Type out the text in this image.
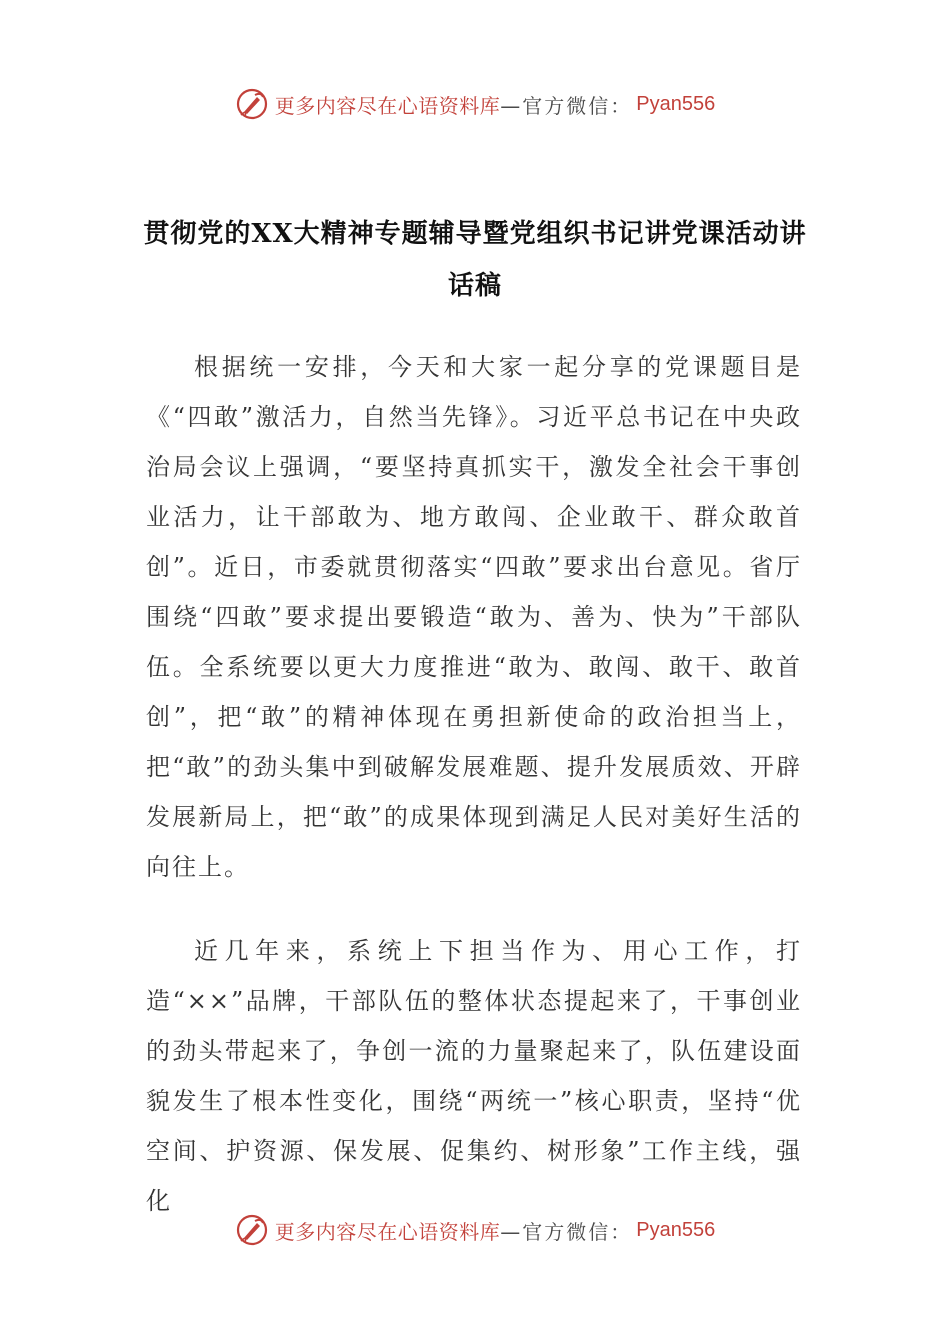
更多内容尽在心语资料库 —官方微信： Pyan556
贯彻党的XX大精神专题辅导暨党组织书记讲党课活动讲话稿

根据统一安排，今天和大家一起分享的党课题目是《“四敢”激活力，自然当先锋》。习近平总书记在中央政治局会议上强调，“要坚持真抓实干，激发全社会干事创业活力，让干部敢为、地方敢闯、企业敢干、群众敢首创”。近日，市委就贯彻落实“四敢”要求出台意见。省厅围绕“四敢”要求提出要锻造“敢为、善为、快为”干部队伍。全系统要以更大力度推进“敢为、敢闯、敢干、敢首创”，把“敢”的精神体现在勇担新使命的政治担当上，把“敢”的劲头集中到破解发展难题、提升发展质效、开辟发展新局上，把“敢”的成果体现到满足人民对美好生活的向往上。

近几年来，系统上下担当作为、用心工作，打造“××”品牌，干部队伍的整体状态提起来了，干事创业的劲头带起来了，争创一流的力量聚起来了，队伍建设面貌发生了根本性变化，围绕“两统一”核心职责，坚持“优空间、护资源、保发展、促集约、树形象”工作主线，强化

更多内容尽在心语资料库 —官方微信： Pyan556
